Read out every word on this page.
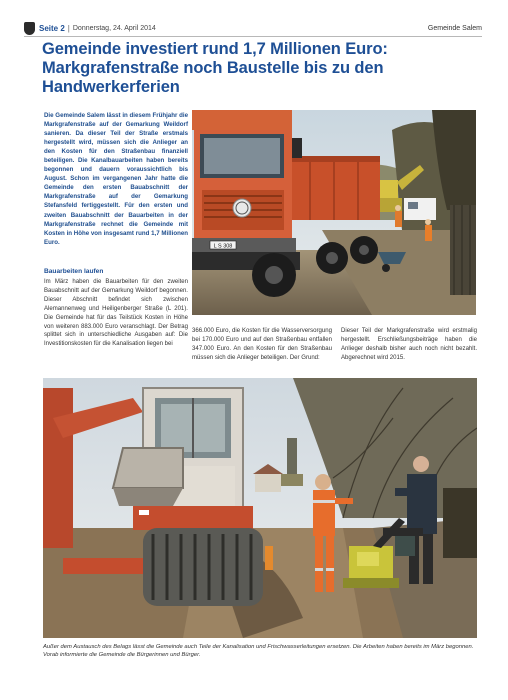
Seite 2 | Donnerstag, 24. April 2014	Gemeinde Salem
Gemeinde investiert rund 1,7 Millionen Euro:
Markgrafenstraße noch Baustelle bis zu den
Handwerkerferien
Die Gemeinde Salem lässt in diesem Frühjahr die Markgrafenstraße auf der Gemarkung Weildorf sanieren. Da dieser Teil der Straße erstmals hergestellt wird, müssen sich die Anlieger an den Kosten für den Straßenbau finanziell beteiligen. Die Kanalbauarbeiten haben bereits begonnen und dauern voraussichtlich bis August. Schon im vergangenen Jahr hatte die Gemeinde den ersten Bauabschnitt der Markgrafenstraße auf der Gemarkung Stefansfeld fertiggestellt. Für den ersten und zweiten Bauabschnitt der Bauarbeiten in der Markgrafenstraße rechnet die Gemeinde mit Kosten in Höhe von insgesamt rund 1,7 Millionen Euro.
L S 308
Bauarbeiten laufen
Im März haben die Bauarbeiten für den zweiten Bauabschnitt auf der Gemarkung Weildorf begonnen. Dieser Abschnitt befindet sich zwischen Alemannenweg und Heiligenberger Straße (L 201). Die Gemeinde hat für das Teilstück Kosten in Höhe von weiteren 883.000 Euro veranschlagt. Der Betrag splittet sich in unterschiedliche Ausgaben auf: Die Investitionskosten für die Kanalisation liegen bei
366.000 Euro, die Kosten für die Wasserversorgung bei 170.000 Euro und auf den Straßenbau entfallen 347.000 Euro. An den Kosten für den Straßenbau müssen sich die Anlieger beteiligen. Der Grund:
Dieser Teil der Markgrafenstraße wird erstmalig hergestellt. Erschließungsbeiträge haben die Anlieger deshalb bisher auch noch nicht bezahlt. Abgerechnet wird 2015.
Außer dem Austausch des Belags lässt die Gemeinde auch Teile der Kanalisation und Frischwasserleitungen ersetzen. Die Arbeiten haben bereits im März begonnen. Vorab informierte die Gemeinde die Bürgerinnen und Bürger.
